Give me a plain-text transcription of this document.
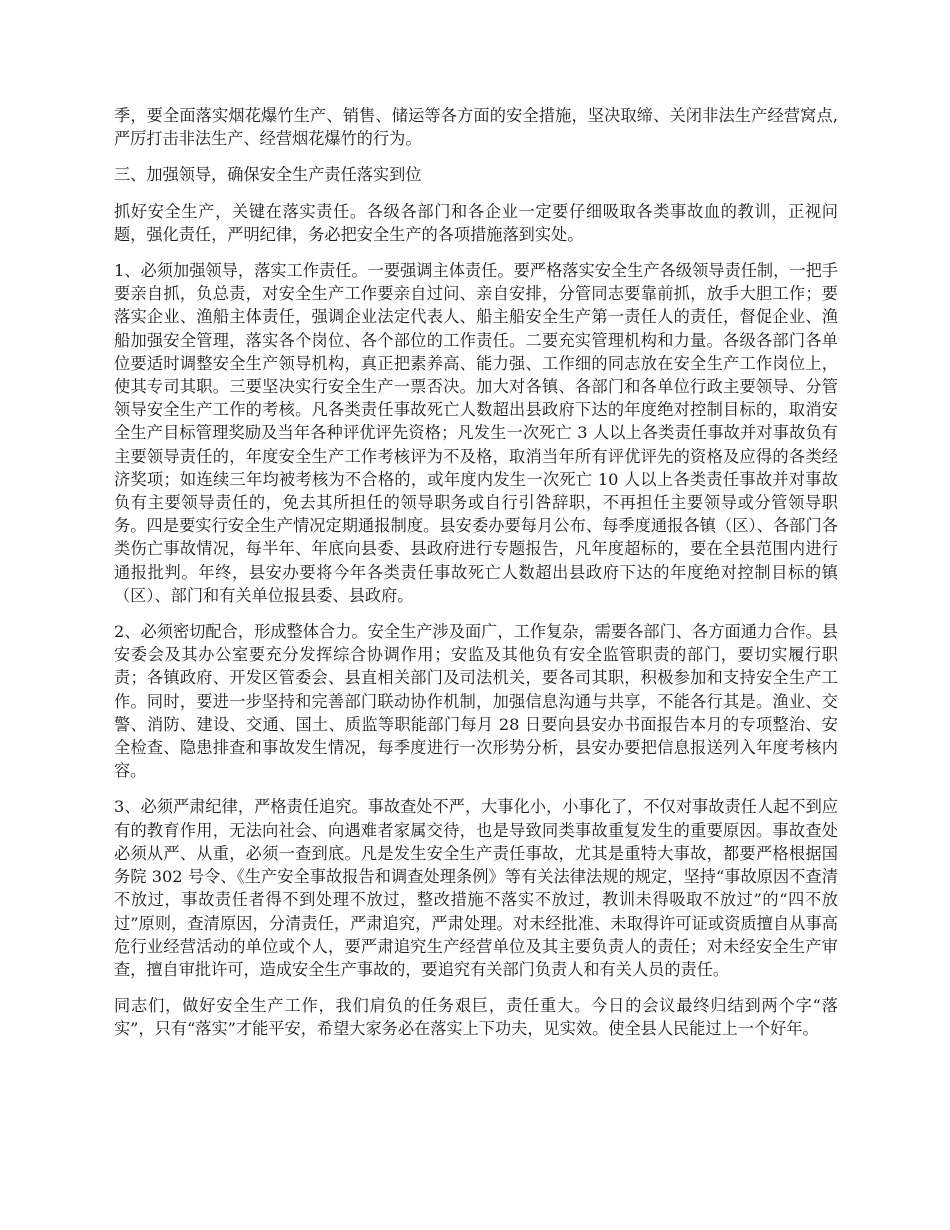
季，要全面落实烟花爆竹生产、销售、储运等各方面的安全措施，坚决取缔、关闭非法生产经营窝点,严厉打击非法生产、经营烟花爆竹的行为。

三、加强领导，确保安全生产责任落实到位

抓好安全生产，关键在落实责任。各级各部门和各企业一定要仔细吸取各类事故血的教训，正视问题，强化责任，严明纪律，务必把安全生产的各项措施落到实处。

1、必须加强领导，落实工作责任。一要强调主体责任。要严格落实安全生产各级领导责任制，一把手要亲自抓，负总责，对安全生产工作要亲自过问、亲自安排，分管同志要靠前抓，放手大胆工作；要落实企业、渔船主体责任，强调企业法定代表人、船主船安全生产第一责任人的责任，督促企业、渔船加强安全管理，落实各个岗位、各个部位的工作责任。二要充实管理机构和力量。各级各部门各单位要适时调整安全生产领导机构，真正把素养高、能力强、工作细的同志放在安全生产工作岗位上，使其专司其职。三要坚决实行安全生产一票否决。加大对各镇、各部门和各单位行政主要领导、分管领导安全生产工作的考核。凡各类责任事故死亡人数超出县政府下达的年度绝对控制目标的，取消安全生产目标管理奖励及当年各种评优评先资格；凡发生一次死亡 3 人以上各类责任事故并对事故负有主要领导责任的，年度安全生产工作考核评为不及格，取消当年所有评优评先的资格及应得的各类经济奖项；如连续三年均被考核为不合格的，或年度内发生一次死亡 10 人以上各类责任事故并对事故负有主要领导责任的，免去其所担任的领导职务或自行引咎辞职，不再担任主要领导或分管领导职务。四是要实行安全生产情况定期通报制度。县安委办要每月公布、每季度通报各镇（区）、各部门各类伤亡事故情况，每半年、年底向县委、县政府进行专题报告，凡年度超标的，要在全县范围内进行通报批判。年终，县安办要将今年各类责任事故死亡人数超出县政府下达的年度绝对控制目标的镇（区）、部门和有关单位报县委、县政府。

2、必须密切配合，形成整体合力。安全生产涉及面广，工作复杂，需要各部门、各方面通力合作。县安委会及其办公室要充分发挥综合协调作用；安监及其他负有安全监管职责的部门，要切实履行职责；各镇政府、开发区管委会、县直相关部门及司法机关，要各司其职，积极参加和支持安全生产工作。同时，要进一步坚持和完善部门联动协作机制，加强信息沟通与共享，不能各行其是。渔业、交警、消防、建设、交通、国土、质监等职能部门每月 28 日要向县安办书面报告本月的专项整治、安全检查、隐患排查和事故发生情况，每季度进行一次形势分析，县安办要把信息报送列入年度考核内容。

3、必须严肃纪律，严格责任追究。事故查处不严，大事化小，小事化了，不仅对事故责任人起不到应有的教育作用，无法向社会、向遇难者家属交待，也是导致同类事故重复发生的重要原因。事故查处必须从严、从重，必须一查到底。凡是发生安全生产责任事故，尤其是重特大事故，都要严格根据国务院 302 号令、《生产安全事故报告和调查处理条例》等有关法律法规的规定，坚持“事故原因不查清不放过，事故责任者得不到处理不放过，整改措施不落实不放过，教训未得吸取不放过”的“四不放过”原则，查清原因，分清责任，严肃追究，严肃处理。对未经批准、未取得许可证或资质擅自从事高危行业经营活动的单位或个人，要严肃追究生产经营单位及其主要负责人的责任；对未经安全生产审查，擅自审批许可，造成安全生产事故的，要追究有关部门负责人和有关人员的责任。

同志们，做好安全生产工作，我们肩负的任务艰巨，责任重大。今日的会议最终归结到两个字“落实”，只有“落实”才能平安，希望大家务必在落实上下功夫，见实效。使全县人民能过上一个好年。
